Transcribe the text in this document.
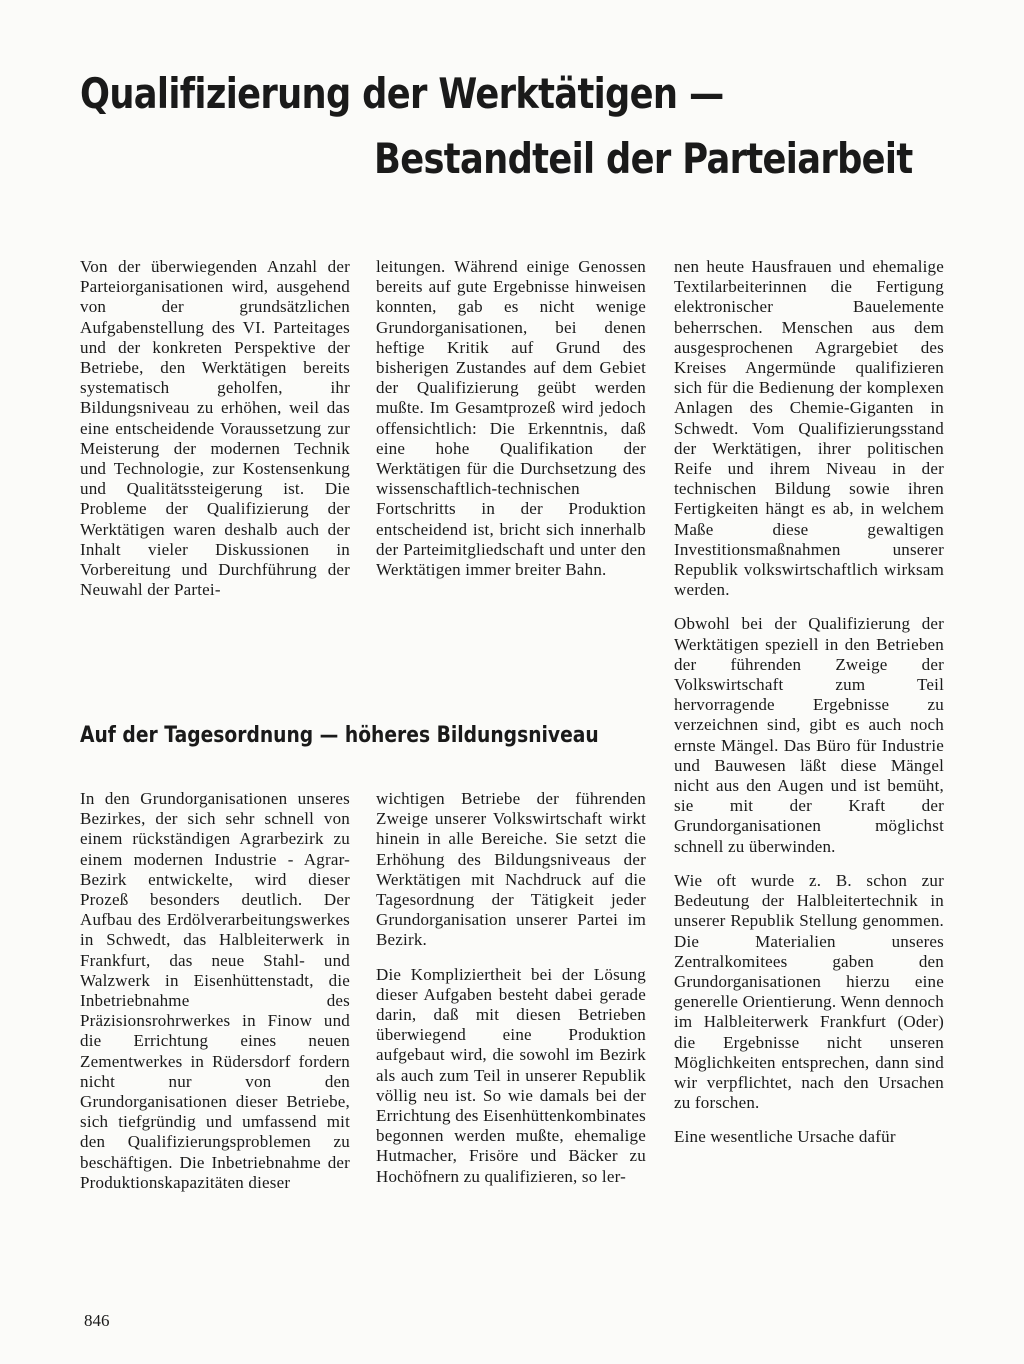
Qualifizierung der Werktätigen —
Bestandteil der Parteiarbeit

Von der überwiegenden Anzahl der Parteiorganisationen wird, ausgehend von der grundsätzlichen Aufgabenstellung des VI. Parteitages und der konkreten Perspektive der Betriebe, den Werktätigen bereits systematisch geholfen, ihr Bildungsniveau zu erhöhen, weil das eine entscheidende Voraussetzung zur Meisterung der modernen Technik und Technologie, zur Kostensenkung und Qualitätssteigerung ist. Die Probleme der Qualifizierung der Werktätigen waren deshalb auch der Inhalt vieler Diskussionen in Vorbereitung und Durchführung der Neuwahl der Partei-

leitungen. Während einige Genossen bereits auf gute Ergebnisse hinweisen konnten, gab es nicht wenige Grundorganisationen, bei denen heftige Kritik auf Grund des bisherigen Zustandes auf dem Gebiet der Qualifizierung geübt werden mußte. Im Gesamtprozeß wird jedoch offensichtlich: Die Erkenntnis, daß eine hohe Qualifikation der Werktätigen für die Durchsetzung des wissenschaftlich-technischen Fortschritts in der Produktion entscheidend ist, bricht sich innerhalb der Parteimitgliedschaft und unter den Werktätigen immer breiter Bahn.

nen heute Hausfrauen und ehemalige Textilarbeiterinnen die Fertigung elektronischer Bauelemente beherrschen. Menschen aus dem ausgesprochenen Agrargebiet des Kreises Angermünde qualifizieren sich für die Bedienung der komplexen Anlagen des Chemie-Giganten in Schwedt. Vom Qualifizierungsstand der Werktätigen, ihrer politischen Reife und ihrem Niveau in der technischen Bildung sowie ihren Fertigkeiten hängt es ab, in welchem Maße diese gewaltigen Investitionsmaßnahmen unserer Republik volkswirtschaftlich wirksam werden.

Obwohl bei der Qualifizierung der Werktätigen speziell in den Betrieben der führenden Zweige der Volkswirtschaft zum Teil hervorragende Ergebnisse zu verzeichnen sind, gibt es auch noch ernste Mängel. Das Büro für Industrie und Bauwesen läßt diese Mängel nicht aus den Augen und ist bemüht, sie mit der Kraft der Grundorganisationen möglichst schnell zu überwinden.

Wie oft wurde z. B. schon zur Bedeutung der Halbleitertechnik in unserer Republik Stellung genommen. Die Materialien unseres Zentralkomitees gaben den Grundorganisationen hierzu eine generelle Orientierung. Wenn dennoch im Halbleiterwerk Frankfurt (Oder) die Ergebnisse nicht unseren Möglichkeiten entsprechen, dann sind wir verpflichtet, nach den Ursachen zu forschen.

Eine wesentliche Ursache dafür

Auf der Tagesordnung — höheres Bildungsniveau

In den Grundorganisationen unseres Bezirkes, der sich sehr schnell von einem rückständigen Agrarbezirk zu einem modernen Industrie - Agrar-Bezirk entwickelte, wird dieser Prozeß besonders deutlich. Der Aufbau des Erdölverarbeitungswerkes in Schwedt, das Halbleiterwerk in Frankfurt, das neue Stahl- und Walzwerk in Eisenhüttenstadt, die Inbetriebnahme des Präzisionsrohrwerkes in Finow und die Errichtung eines neuen Zementwerkes in Rüdersdorf fordern nicht nur von den Grundorganisationen dieser Betriebe, sich tiefgründig und umfassend mit den Qualifizierungsproblemen zu beschäftigen. Die Inbetriebnahme der Produktionskapazitäten dieser

wichtigen Betriebe der führenden Zweige unserer Volkswirtschaft wirkt hinein in alle Bereiche. Sie setzt die Erhöhung des Bildungsniveaus der Werktätigen mit Nachdruck auf die Tagesordnung der Tätigkeit jeder Grundorganisation unserer Partei im Bezirk.

Die Kompliziertheit bei der Lösung dieser Aufgaben besteht dabei gerade darin, daß mit diesen Betrieben überwiegend eine Produktion aufgebaut wird, die sowohl im Bezirk als auch zum Teil in unserer Republik völlig neu ist. So wie damals bei der Errichtung des Eisenhüttenkombinates begonnen werden mußte, ehemalige Hutmacher, Frisöre und Bäcker zu Hochöfnern zu qualifizieren, so ler-

846
